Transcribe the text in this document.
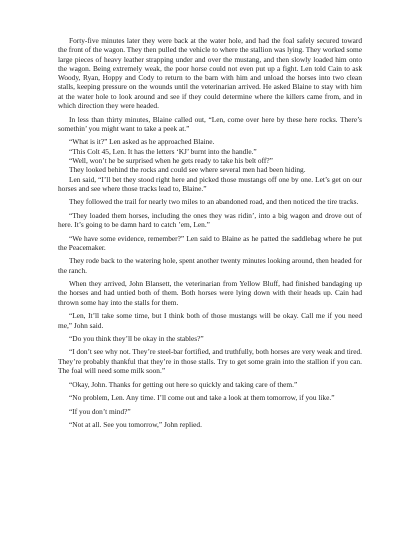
Forty-five minutes later they were back at the water hole, and had the foal safely secured toward the front of the wagon. They then pulled the vehicle to where the stallion was lying. They worked some large pieces of heavy leather strapping under and over the mustang, and then slowly loaded him onto the wagon. Being extremely weak, the poor horse could not even put up a fight. Len told Cain to ask Woody, Ryan, Hoppy and Cody to return to the barn with him and unload the horses into two clean stalls, keeping pressure on the wounds until the veterinarian arrived. He asked Blaine to stay with him at the water hole to look around and see if they could determine where the killers came from, and in which direction they were headed.

In less than thirty minutes, Blaine called out, “Len, come over here by these here rocks. There’s somethin’ you might want to take a peek at.”

“What is it?” Len asked as he approached Blaine.

“This Colt 45, Len. It has the letters ‘KJ’ burnt into the handle.”

“Well, won’t he be surprised when he gets ready to take his belt off?”

They looked behind the rocks and could see where several men had been hiding.

Len said, “I’ll bet they stood right here and picked those mustangs off one by one. Let’s get on our horses and see where those tracks lead to, Blaine.”

They followed the trail for nearly two miles to an abandoned road, and then noticed the tire tracks.

“They loaded them horses, including the ones they was ridin’, into a big wagon and drove out of here. It’s going to be damn hard to catch ’em, Len.”

“We have some evidence, remember?” Len said to Blaine as he patted the saddlebag where he put the Peacemaker.

They rode back to the watering hole, spent another twenty minutes looking around, then headed for the ranch.

When they arrived, John Blansett, the veterinarian from Yellow Bluff, had finished bandaging up the horses and had untied both of them. Both horses were lying down with their heads up. Cain had thrown some hay into the stalls for them.

“Len, It’ll take some time, but I think both of those mustangs will be okay. Call me if you need me,” John said.

“Do you think they’ll be okay in the stables?”

“I don’t see why not. They’re steel-bar fortified, and truthfully, both horses are very weak and tired. They’re probably thankful that they’re in those stalls. Try to get some grain into the stallion if you can. The foal will need some milk soon.”

“Okay, John. Thanks for getting out here so quickly and taking care of them.”

“No problem, Len. Any time. I’ll come out and take a look at them tomorrow, if you like.”

“If you don’t mind?”

“Not at all. See you tomorrow,” John replied.
